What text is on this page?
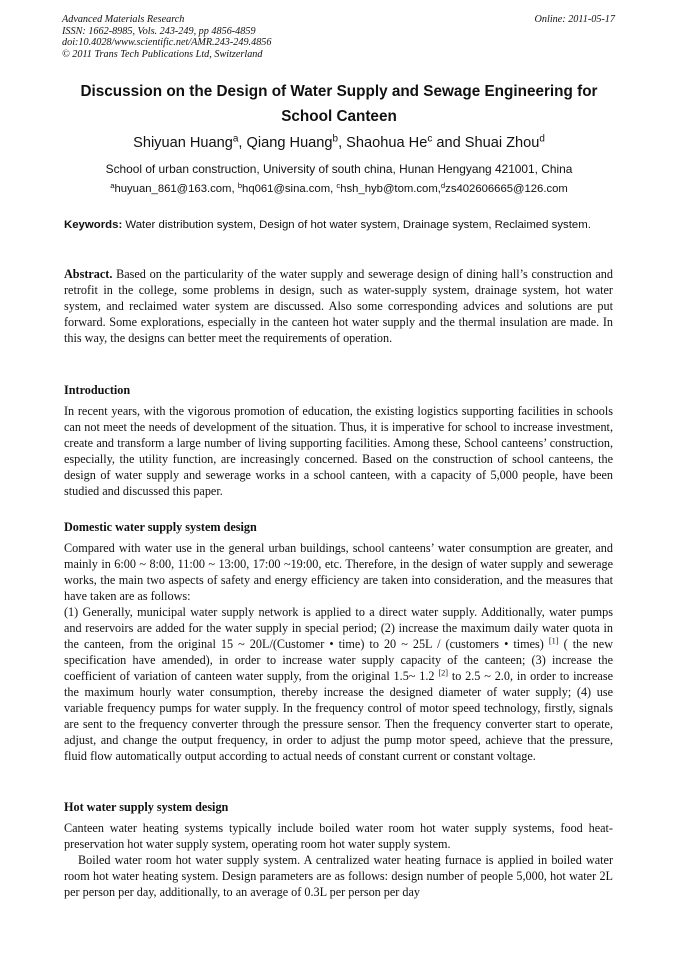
Advanced Materials Research
ISSN: 1662-8985, Vols. 243-249, pp 4856-4859
doi:10.4028/www.scientific.net/AMR.243-249.4856
© 2011 Trans Tech Publications Ltd, Switzerland
Online: 2011-05-17
Discussion on the Design of Water Supply and Sewage Engineering for
School Canteen
Shiyuan Huang$^a$, Qiang Huang$^b$, Shaohua He$^c$ and Shuai Zhou$^d$
School of urban construction, University of south china, Hunan Hengyang 421001, China
$^a$huyuan_861@163.com, $^b$hq061@sina.com, $^c$hsh_hyb@tom.com,$^d$zs402606665@126.com
Keywords: Water distribution system, Design of hot water system, Drainage system, Reclaimed system.

Abstract. Based on the particularity of the water supply and sewerage design of dining hall’s construction and retrofit in the college, some problems in design, such as water-supply system, drainage system, hot water system, and reclaimed water system are discussed. Also some corresponding advices and solutions are put forward. Some explorations, especially in the canteen hot water supply and the thermal insulation are made. In this way, the designs can better meet the requirements of operation.

Introduction

In recent years, with the vigorous promotion of education, the existing logistics supporting facilities in schools can not meet the needs of development of the situation. Thus, it is imperative for school to increase investment, create and transform a large number of living supporting facilities. Among these, School canteens’ construction, especially, the utility function, are increasingly concerned. Based on the construction of school canteens, the design of water supply and sewerage works in a school canteen, with a capacity of 5,000 people, have been studied and discussed this paper.

Domestic water supply system design

Compared with water use in the general urban buildings, school canteens’ water consumption are greater, and mainly in 6:00 ~ 8:00, 11:00 ~ 13:00, 17:00 ~19:00, etc. Therefore, in the design of water supply and sewerage works, the main two aspects of safety and energy efficiency are taken into consideration, and the measures that have taken are as follows:

(1) Generally, municipal water supply network is applied to a direct water supply. Additionally, water pumps and reservoirs are added for the water supply in special period; (2) increase the maximum daily water quota in the canteen, from the original 15 ~ 20L/(Customer • time) to 20 ~ 25L / (customers • times) [1] ( the new specification have amended), in order to increase water supply capacity of the canteen; (3) increase the coefficient of variation of canteen water supply, from the original 1.5~ 1.2 [2] to 2.5 ~ 2.0, in order to increase the maximum hourly water consumption, thereby increase the designed diameter of water supply; (4) use variable frequency pumps for water supply. In the frequency control of motor speed technology, firstly, signals are sent to the frequency converter through the pressure sensor. Then the frequency converter start to operate, adjust, and change the output frequency, in order to adjust the pump motor speed, achieve that the pressure, fluid flow automatically output according to actual needs of constant current or constant voltage.

Hot water supply system design

Canteen water heating systems typically include boiled water room hot water supply systems, food heat-preservation hot water supply system, operating room hot water supply system.

Boiled water room hot water supply system. A centralized water heating furnace is applied in boiled water room hot water heating system. Design parameters are as follows: design number of people 5,000, hot water 2L per person per day, additionally, to an average of 0.3L per person per day
